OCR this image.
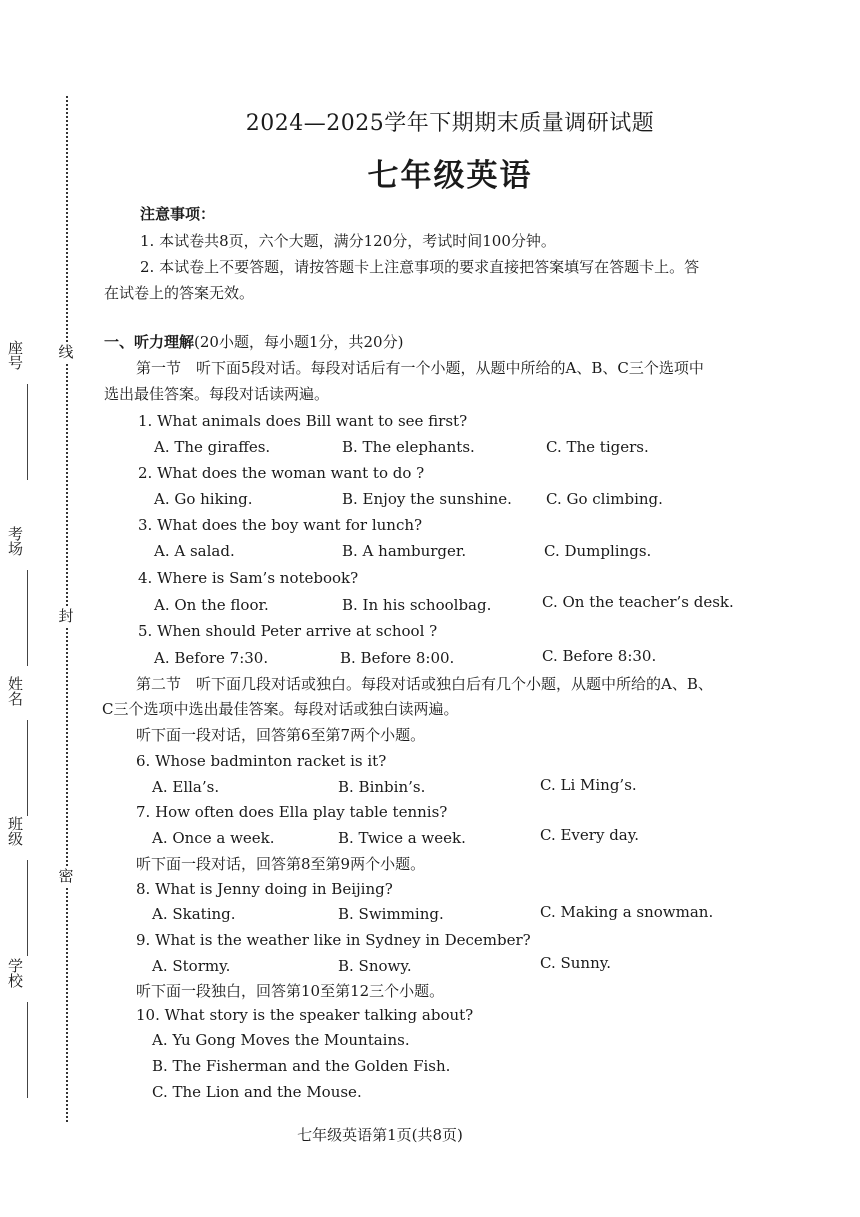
线
封
密
座号
考场
姓名
班级
学校
2024—2025学年下期期末质量调研试题
七年级英语
注意事项：
1. 本试卷共8页，六个大题，满分120分，考试时间100分钟。
2. 本试卷上不要答题，请按答题卡上注意事项的要求直接把答案填写在答题卡上。答
在试卷上的答案无效。
一、听力理解(20小题，每小题1分，共20分)
第一节　听下面5段对话。每段对话后有一个小题，从题中所给的A、B、C三个选项中
选出最佳答案。每段对话读两遍。
1. What animals does Bill want to see first?
A. The giraffes.	B. The elephants.	C. The tigers.
2. What does the woman want to do ?
A. Go hiking.	B. Enjoy the sunshine. C. Go climbing.
3. What does the boy want for lunch?
A. A salad.	B. A hamburger.	C. Dumplings.
4. Where is Sam’s notebook?
A. On the floor.	B. In his schoolbag.	C. On the teacher’s desk.
5. When should Peter arrive at school ?
A. Before 7:30.	B. Before 8:00.	C. Before 8:30.
第二节　听下面几段对话或独白。每段对话或独白后有几个小题，从题中所给的A、B、
C三个选项中选出最佳答案。每段对话或独白读两遍。
听下面一段对话，回答第6至第7两个小题。
6. Whose badminton racket is it?
A. Ella’s.	B. Binbin’s.	C. Li Ming’s.
7. How often does Ella play table tennis?
A. Once a week.	B. Twice a week.	C. Every day.
听下面一段对话，回答第8至第9两个小题。
8. What is Jenny doing in Beijing?
A. Skating.	B. Swimming.	C. Making a snowman.
9. What is the weather like in Sydney in December?
A. Stormy.	B. Snowy.	C. Sunny.
听下面一段独白，回答第10至第12三个小题。
10. What story is the speaker talking about?
A. Yu Gong Moves the Mountains.
B. The Fisherman and the Golden Fish.
C. The Lion and the Mouse.
七年级英语第1页(共8页)
